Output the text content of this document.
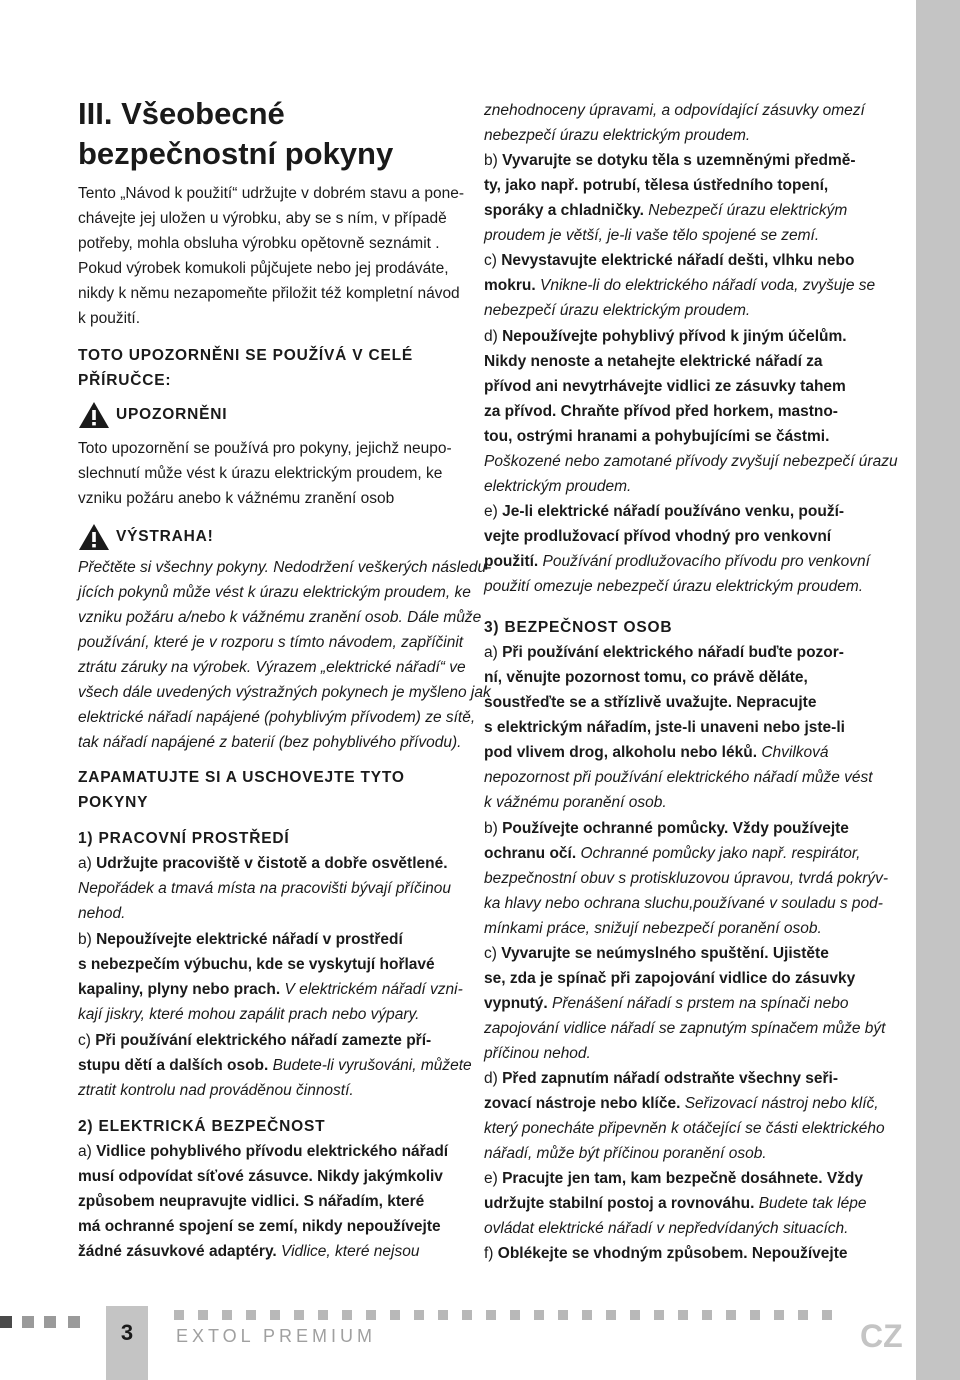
III. Všeobecné
bezpečnostní pokyny

Tento „Návod k použití“ udržujte v dobrém stavu a pone-

chávejte jej uložen u výrobku, aby se s ním, v případě

potřeby, mohla obsluha výrobku opětovně seznámit .

Pokud výrobek komukoli půjčujete nebo jej prodáváte,

nikdy k němu nezapomeňte přiložit též kompletní návod

k použití.

TOTO UPOZORNĚNI SE POUŽÍVÁ V CELÉ
PŘÍRUČCE:
UPOZORNĚNI

Toto upozornění se používá pro pokyny, jejichž neupo-

slechnutí může vést k úrazu elektrickým proudem, ke

vzniku požáru anebo k vážnému zranění osob

VÝSTRAHA!

Přečtěte si všechny pokyny. Nedodržení veškerých následu-

jících pokynů může vést k úrazu elektrickým proudem, ke

vzniku požáru a/nebo k vážnému zranění osob. Dále může

používání, které je v rozporu s tímto návodem, zapříčinit

ztrátu záruky na výrobek. Výrazem „elektrické nářadí“ ve

všech dále uvedených výstražných pokynech je myšleno jak

elektrické nářadí napájené (pohyblivým přívodem) ze sítě,

tak nářadí napájené z baterií (bez pohyblivého přívodu).

ZAPAMATUJTE SI A USCHOVEJTE TYTO
POKYNY
1) PRACOVNÍ PROSTŘEDÍ

a) Udržujte pracoviště v čistotě a dobře osvětlené.

Nepořádek a tmavá místa na pracovišti bývají příčinou

nehod.

b) Nepoužívejte elektrické nářadí v prostředí

s nebezpečím výbuchu, kde se vyskytují hořlavé

kapaliny, plyny nebo prach. V elektrickém nářadí vzni-

kají jiskry, které mohou zapálit prach nebo výpary.

c) Při používání elektrického nářadí zamezte pří-

stupu dětí a dalších osob. Budete-li vyrušováni, můžete

ztratit kontrolu nad prováděnou činností.

2) ELEKTRICKÁ BEZPEČNOST

a) Vidlice pohyblivého přívodu elektrického nářadí

musí odpovídat síťové zásuvce. Nikdy jakýmkoliv

způsobem neupravujte vidlici. S nářadím, které

má ochranné spojení se zemí, nikdy nepoužívejte

žádné zásuvkové adaptéry. Vidlice, které nejsou

znehodnoceny úpravami, a odpovídající zásuvky omezí

nebezpečí úrazu elektrickým proudem.

b) Vyvarujte se dotyku těla s uzemněnými předmě-

ty, jako např. potrubí, tělesa ústředního topení,

sporáky a chladničky. Nebezpečí úrazu elektrickým

proudem je větší, je-li vaše tělo spojené se zemí.

c) Nevystavujte elektrické nářadí dešti, vlhku nebo

mokru. Vnikne-li do elektrického nářadí voda, zvyšuje se

nebezpečí úrazu elektrickým proudem.

d) Nepoužívejte pohyblivý přívod k jiným účelům.

Nikdy nenoste a netahejte elektrické nářadí za

přívod ani nevytrhávejte vidlici ze zásuvky tahem

za přívod. Chraňte přívod před horkem, mastno-

tou, ostrými hranami a pohybujícími se částmi.

Poškozené nebo zamotané přívody zvyšují nebezpečí úrazu

elektrickým proudem.

e) Je-li elektrické nářadí používáno venku, použí-

vejte prodlužovací přívod vhodný pro venkovní

použití. Používání prodlužovacího přívodu pro venkovní

použití omezuje nebezpečí úrazu elektrickým proudem.

3) BEZPEČNOST OSOB

a) Při používání elektrického nářadí buďte pozor-

ní, věnujte pozornost tomu, co právě děláte,

soustřeďte se a střízlivě uvažujte. Nepracujte

s elektrickým nářadím, jste-li unaveni nebo jste-li

pod vlivem drog, alkoholu nebo léků. Chvilková

nepozornost při používání elektrického nářadí může vést

k vážnému poranění osob.

b) Používejte ochranné pomůcky. Vždy používejte

ochranu očí. Ochranné pomůcky jako např. respirátor,

bezpečnostní obuv s protiskluzovou úpravou, tvrdá pokrýv-

ka hlavy nebo ochrana sluchu,používané v souladu s pod-

mínkami práce, snižují nebezpečí poranění osob.

c) Vyvarujte se neúmyslného spuštění. Ujistěte

se, zda je spínač při zapojování vidlice do zásuvky

vypnutý. Přenášení nářadí s prstem na spínači nebo

zapojování vidlice nářadí se zapnutým spínačem může být

příčinou nehod.

d) Před zapnutím nářadí odstraňte všechny seři-

zovací nástroje nebo klíče. Seřizovací nástroj nebo klíč,

který ponecháte připevněn k otáčející se části elektrického

nářadí, může být příčinou poranění osob.

e) Pracujte jen tam, kam bezpečně dosáhnete. Vždy

udržujte stabilní postoj a rovnováhu. Budete tak lépe

ovládat elektrické nářadí v nepředvídaných situacích.

f) Oblékejte se vhodným způsobem. Nepoužívejte

3	EXTOL PREMIUM	CZ
